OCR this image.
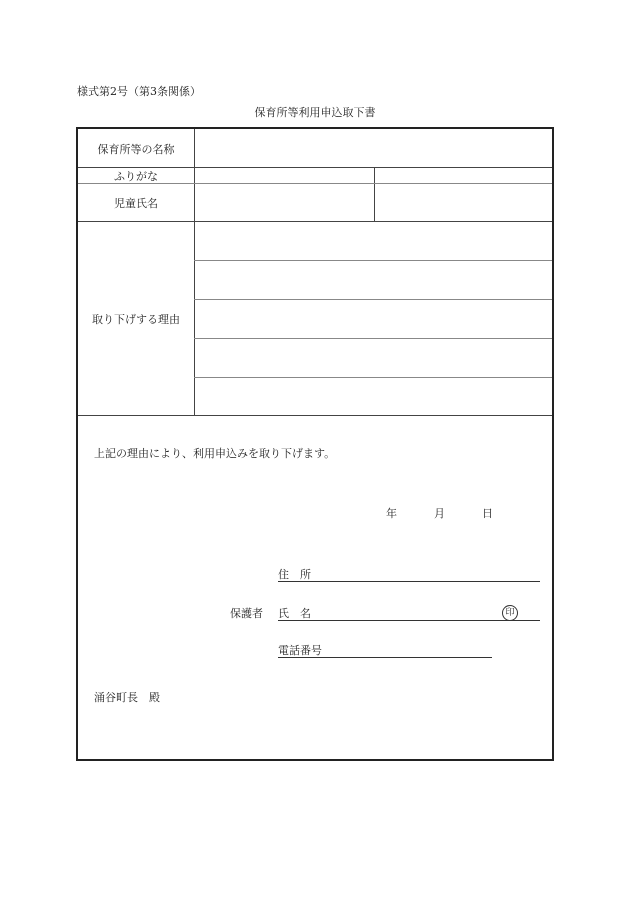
様式第2号（第3条関係）
保育所等利用申込取下書
保育所等の名称
ふりがな
児童氏名
取り下げする理由
上記の理由により、利用申込みを取り下げます。
年	月	日
住　所
保護者 氏　名	印
電話番号
涌谷町長　殿
